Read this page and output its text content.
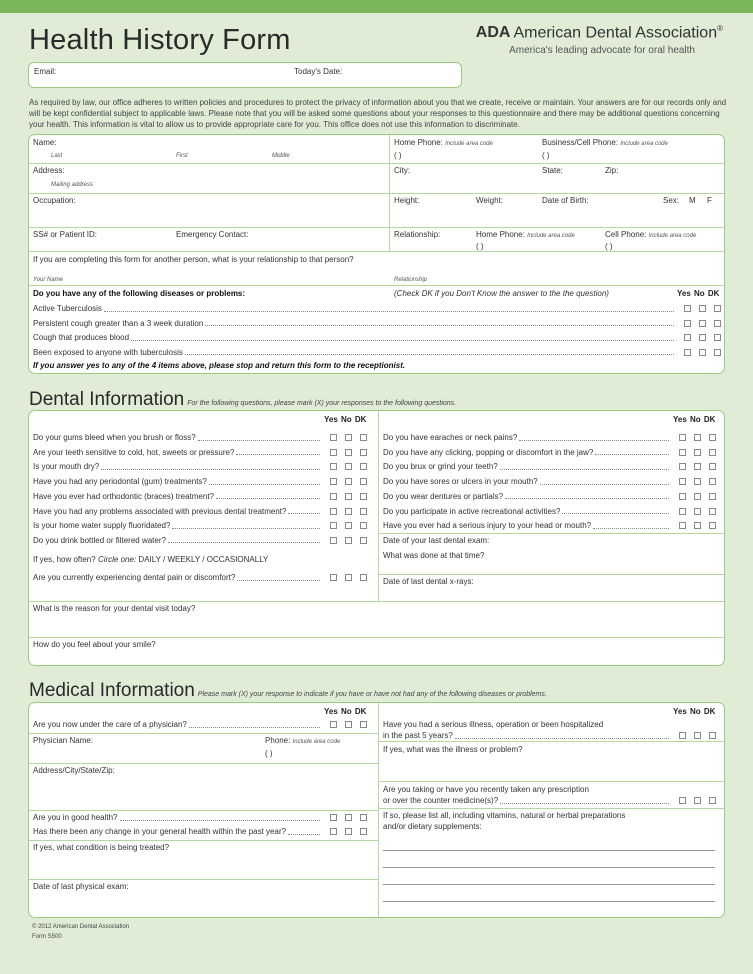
Health History Form	ADA American Dental Association®
America's leading advocate for oral health
Email:	Today's Date:
As required by law, our office adheres to written policies and procedures to protect the privacy of information about you that we create, receive or maintain. Your answers are for our records only and will be kept confidential subject to applicable laws. Please note that you will be asked some questions about your responses to this questionnaire and there may be additional questions concerning your health. This information is vital to allow us to provide appropriate care for you. This office does not use this information to discriminate.
Name:
Last	First	Middle
Home Phone: Include area code
( )
Business/Cell Phone: Include area code
( )
Address:
Mailing address
City:	State:	Zip:
Occupation:	Height:	Weight:	Date of Birth:	Sex: M F
SS# or Patient ID:	Emergency Contact:	Relationship:	Home Phone: Include area code
( )
Cell Phone: Include area code
( )
If you are completing this form for another person, what is your relationship to that person?
Your Name	Relationship
Do you have any of the following diseases or problems:	(Check DK if you Don't Know the answer to the the question)	Yes No DK
Active Tuberculosis
Persistent cough greater than a 3 week duration
Cough that produces blood
Been exposed to anyone with tuberculosis
If you answer yes to any of the 4 items above, please stop and return this form to the receptionist.
Dental Information For the following questions, please mark (X) your responses to the following questions.
Yes No DK	Yes No DK
Do your gums bleed when you brush or floss?
Are your teeth sensitive to cold, hot, sweets or pressure?
Is your mouth dry?
Have you had any periodontal (gum) treatments?
Have you ever had orthodontic (braces) treatment?
Have you had any problems associated with previous dental treatment?
Is your home water supply fluoridated?
Do you drink bottled or filtered water?
Do you have earaches or neck pains?
Do you have any clicking, popping or discomfort in the jaw?
Do you brux or grind your teeth?
Do you have sores or ulcers in your mouth?
Do you wear dentures or partials?
Do you participate in active recreational activities?
Have you ever had a serious injury to your head or mouth?
If yes, how often? Circle one: DAILY / WEEKLY / OCCASIONALLY
Are you currently experiencing dental pain or discomfort?
Date of your last dental exam:
What was done at that time?
Date of last dental x-rays:
What is the reason for your dental visit today?
How do you feel about your smile?
Medical Information Please mark (X) your response to indicate if you have or have not had any of the following diseases or problems.
Yes No DK	Yes No DK
Are you now under the care of a physician?
Physician Name:	Phone: Include area code
( )
Address/City/State/Zip:
Are you in good health?
Has there been any change in your general health within the past year?
If yes, what condition is being treated?
Date of last physical exam:
Have you had a serious illness, operation or been hospitalized
in the past 5 years?
If yes, what was the illness or problem?
Are you taking or have you recently taken any prescription
or over the counter medicine(s)?
If so, please list all, including vitamins, natural or herbal preparations
and/or dietary supplements:
© 2012 American Dental Association
Form S500
